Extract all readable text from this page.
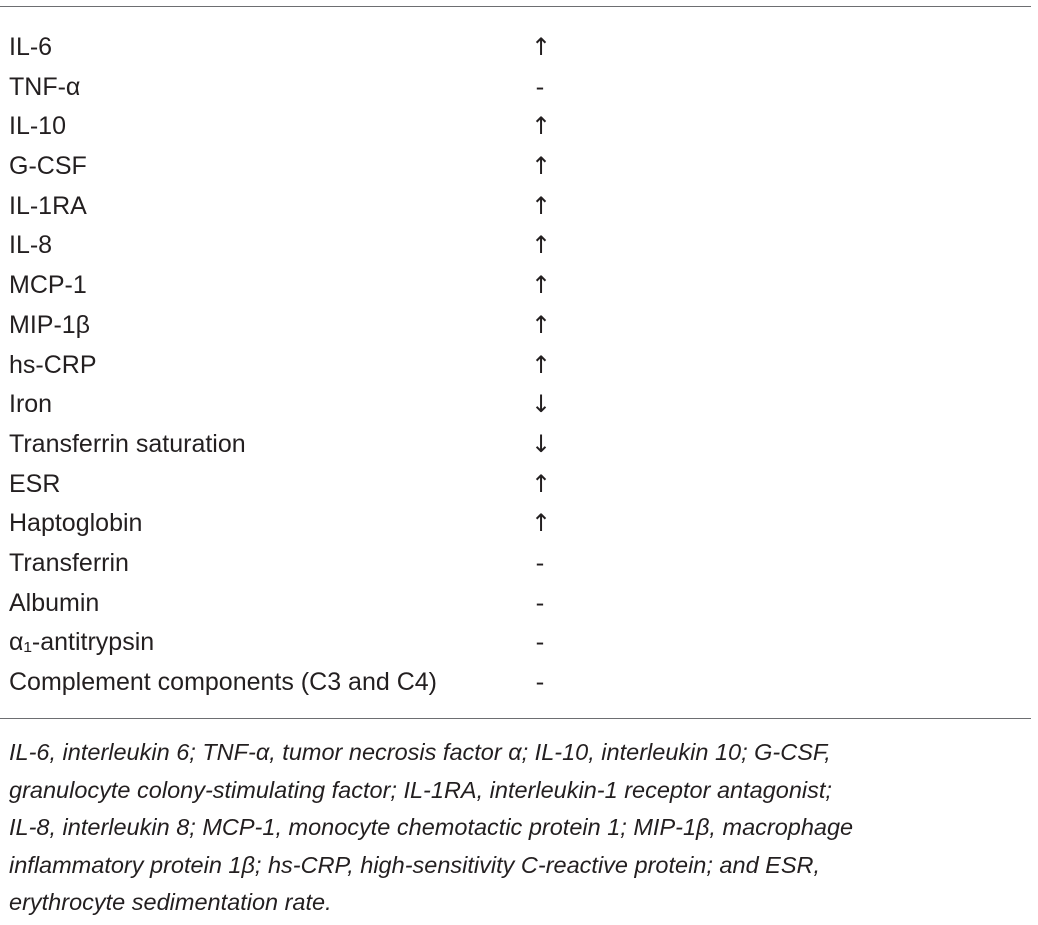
IL-6	↑
TNF-α	-
IL-10	↑
G-CSF	↑
IL-1RA	↑
IL-8	↑
MCP-1	↑
MIP-1β	↑
hs-CRP	↑
Iron	↓
Transferrin saturation	↓
ESR	↑
Haptoglobin	↑
Transferrin	-
Albumin	-
α₁-antitrypsin	-
Complement components (C3 and C4)	-
IL-6, interleukin 6; TNF-α, tumor necrosis factor α; IL-10, interleukin 10; G-CSF,
granulocyte colony-stimulating factor; IL-1RA, interleukin-1 receptor antagonist;
IL-8, interleukin 8; MCP-1, monocyte chemotactic protein 1; MIP-1β, macrophage
inflammatory protein 1β; hs-CRP, high-sensitivity C-reactive protein; and ESR,
erythrocyte sedimentation rate.
